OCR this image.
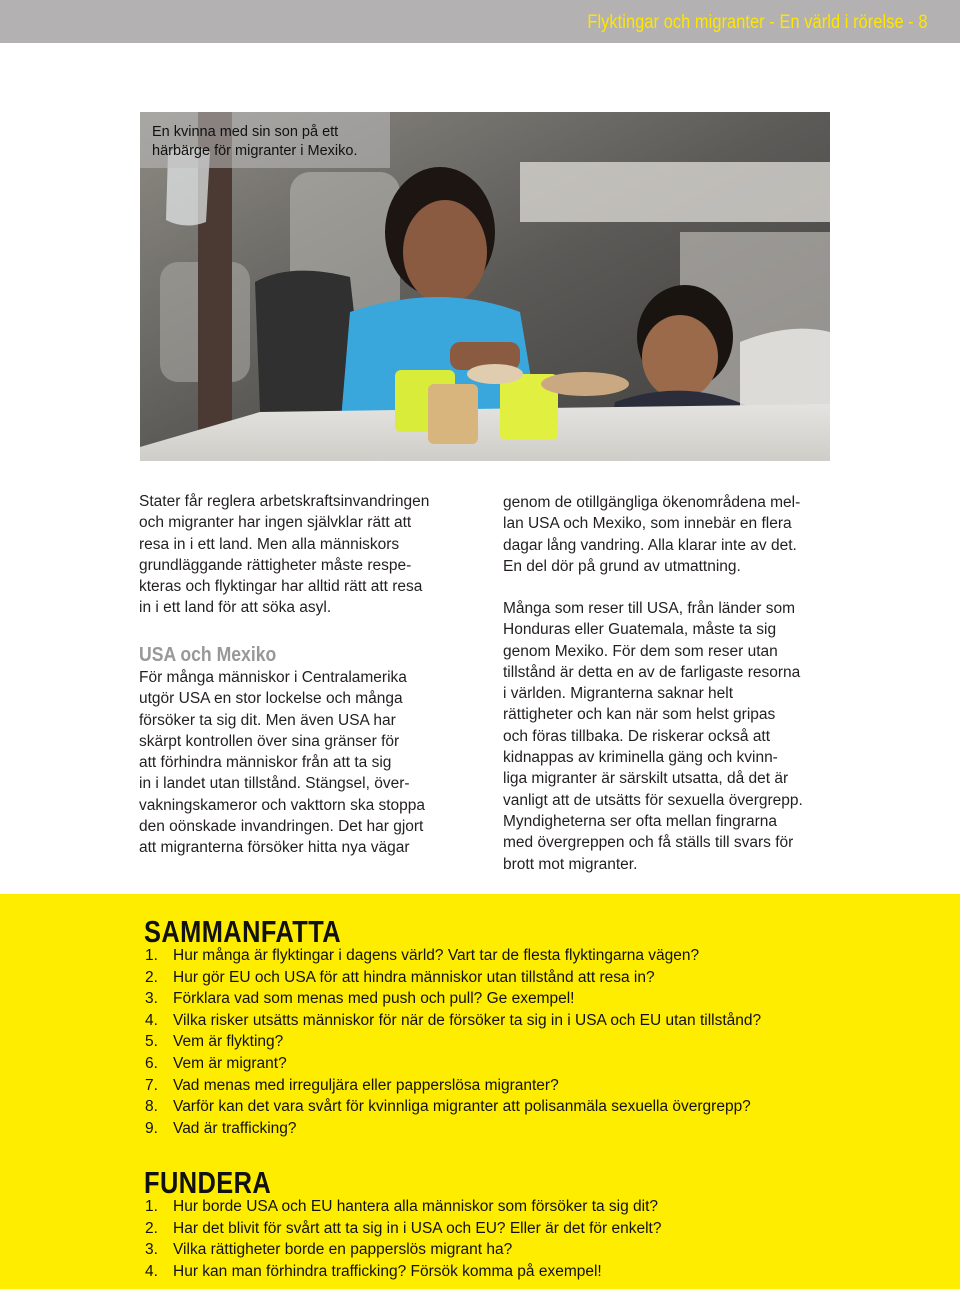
Flyktingar och migranter - En värld i rörelse - 8
En kvinna med sin son på ett
härbärge för migranter i Mexiko.
Stater får reglera arbetskraftsinvandringen
och migranter har ingen självklar rätt att
resa in i ett land. Men alla människors
grundläggande rättigheter måste respe-
kteras och flyktingar har alltid rätt att resa
in i ett land för att söka asyl.
USA och Mexiko
För många människor i Centralamerika
utgör USA en stor lockelse och många
försöker ta sig dit. Men även USA har
skärpt kontrollen över sina gränser för
att förhindra människor från att ta sig
in i landet utan tillstånd. Stängsel, över-
vakningskameror och vakttorn ska stoppa
den oönskade invandringen. Det har gjort
att migranterna försöker hitta nya vägar
genom de otillgängliga ökenområdena mel-
lan USA och Mexiko, som innebär en flera
dagar lång vandring. Alla klarar inte av det.
En del dör på grund av utmattning.
Många som reser till USA, från länder som
Honduras eller Guatemala, måste ta sig
genom Mexiko. För dem som reser utan
tillstånd är detta en av de farligaste resorna
i världen. Migranterna saknar helt
rättigheter och kan när som helst gripas
och föras tillbaka. De riskerar också att
kidnappas av kriminella gäng och kvinn-
liga migranter är särskilt utsatta, då det är
vanligt att de utsätts för sexuella övergrepp.
Myndigheterna ser ofta mellan fingrarna
med övergreppen och få ställs till svars för
brott mot migranter.
SAMMANFATTA
1. Hur många är flyktingar i dagens värld? Vart tar de flesta flyktingarna vägen?
2. Hur gör EU och USA för att hindra människor utan tillstånd att resa in?
3. Förklara vad som menas med push och pull? Ge exempel!
4. Vilka risker utsätts människor för när de försöker ta sig in i USA och EU utan tillstånd?
5. Vem är flykting?
6. Vem är migrant?
7. Vad menas med irreguljära eller papperslösa migranter?
8. Varför kan det vara svårt för kvinnliga migranter att polisanmäla sexuella övergrepp?
9. Vad är trafficking?
FUNDERA
1. Hur borde USA och EU hantera alla människor som försöker ta sig dit?
2. Har det blivit för svårt att ta sig in i USA och EU? Eller är det för enkelt?
3. Vilka rättigheter borde en papperslös migrant ha?
4. Hur kan man förhindra trafficking? Försök komma på exempel!
